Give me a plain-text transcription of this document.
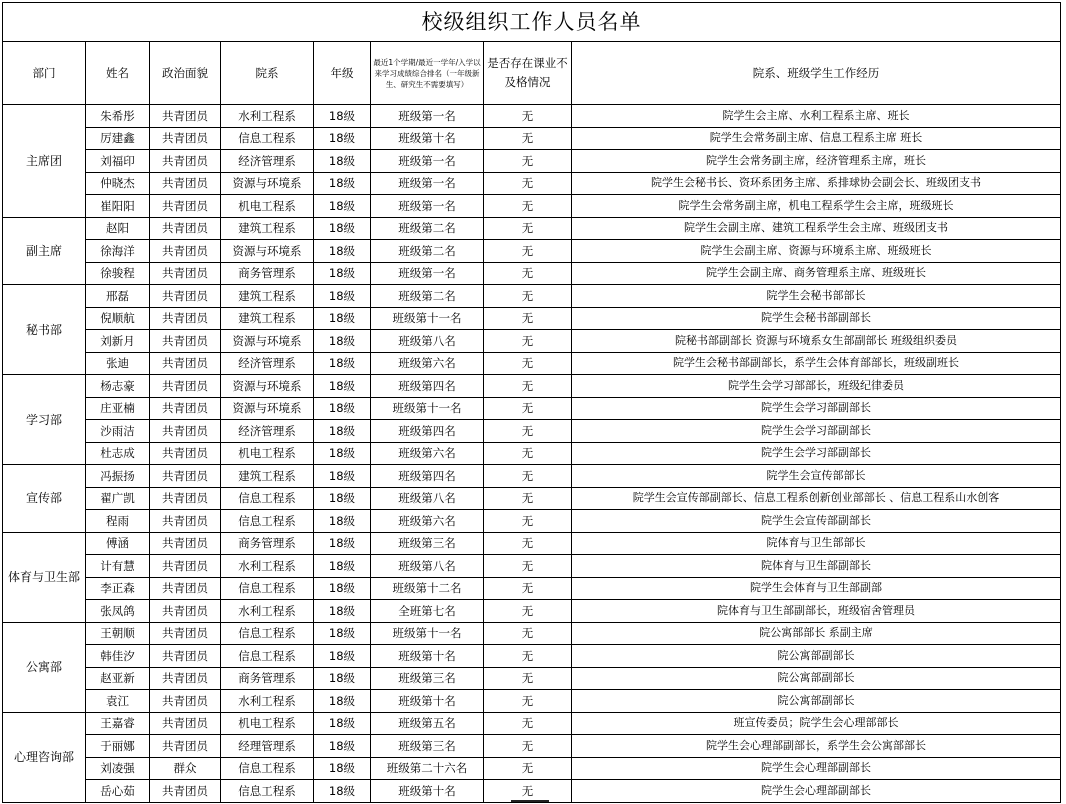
校级组织工作人员名单							
部门	姓名	政治面貌	院系	年级	最近1个学期/最近一学年/入学以来学习成绩综合排名（一年级新生、研究生不需要填写）	是否存在课业不及格情况	院系、班级学生工作经历
主席团	朱希彤	共青团员	水利工程系	18级	班级第一名	无	院学生会主席、水利工程系主席、班长
	厉建鑫	共青团员	信息工程系	18级	班级第十名	无	院学生会常务副主席、信息工程系主席 班长
	刘福印	共青团员	经济管理系	18级	班级第一名	无	院学生会常务副主席，经济管理系主席，班长
	仲晓杰	共青团员	资源与环境系	18级	班级第一名	无	院学生会秘书长、资环系团务主席、系排球协会副会长、班级团支书
	崔阳阳	共青团员	机电工程系	18级	班级第一名	无	院学生会常务副主席，机电工程系学生会主席，班级班长
副主席	赵阳	共青团员	建筑工程系	18级	班级第二名	无	院学生会副主席、建筑工程系学生会主席、班级团支书
	徐海洋	共青团员	资源与环境系	18级	班级第二名	无	院学生会副主席、资源与环境系主席、班级班长
	徐骏程	共青团员	商务管理系	18级	班级第一名	无	院学生会副主席、商务管理系主席、班级班长
秘书部	邢磊	共青团员	建筑工程系	18级	班级第二名	无	院学生会秘书部部长
	倪顺航	共青团员	建筑工程系	18级	班级第十一名	无	院学生会秘书部副部长
	刘新月	共青团员	资源与环境系	18级	班级第八名	无	院秘书部副部长 资源与环境系女生部副部长 班级组织委员
	张迪	共青团员	经济管理系	18级	班级第六名	无	院学生会秘书部副部长，系学生会体育部部长，班级副班长
学习部	杨志豪	共青团员	资源与环境系	18级	班级第四名	无	院学生会学习部部长，班级纪律委员
	庄亚楠	共青团员	资源与环境系	18级	班级第十一名	无	院学生会学习部副部长
	沙雨洁	共青团员	经济管理系	18级	班级第四名	无	院学生会学习部副部长
	杜志成	共青团员	机电工程系	18级	班级第六名	无	院学生会学习部副部长
宣传部	冯振扬	共青团员	建筑工程系	18级	班级第四名	无	院学生会宣传部部长
	翟广凯	共青团员	信息工程系	18级	班级第八名	无	院学生会宣传部副部长、信息工程系创新创业部部长 、信息工程系山水创客
	程雨	共青团员	信息工程系	18级	班级第六名	无	院学生会宣传部副部长
体育与卫生部	傅涵	共青团员	商务管理系	18级	班级第三名	无	院体育与卫生部部长
	计有慧	共青团员	水利工程系	18级	班级第八名	无	院体育与卫生部副部长
	李正森	共青团员	信息工程系	18级	班级第十二名	无	院学生会体育与卫生部副部
	张凤鸽	共青团员	水利工程系	18级	全班第七名	无	院体育与卫生部副部长，班级宿舍管理员
公寓部	王朝顺	共青团员	信息工程系	18级	班级第十一名	无	院公寓部部长 系副主席
	韩佳汐	共青团员	信息工程系	18级	班级第十名	无	院公寓部副部长
	赵亚新	共青团员	商务管理系	18级	班级第三名	无	院公寓部副部长
	袁江	共青团员	水利工程系	18级	班级第十名	无	院公寓部副部长
心理咨询部	王嘉睿	共青团员	机电工程系	18级	班级第五名	无	班宣传委员；院学生会心理部部长
	于丽娜	共青团员	经理管理系	18级	班级第三名	无	院学生会心理部副部长，系学生会公寓部部长
	刘凌强	群众	信息工程系	18级	班级第二十六名	无	院学生会心理部副部长
	岳心茹	共青团员	信息工程系	18级	班级第十名	无	院学生会心理部副部长
